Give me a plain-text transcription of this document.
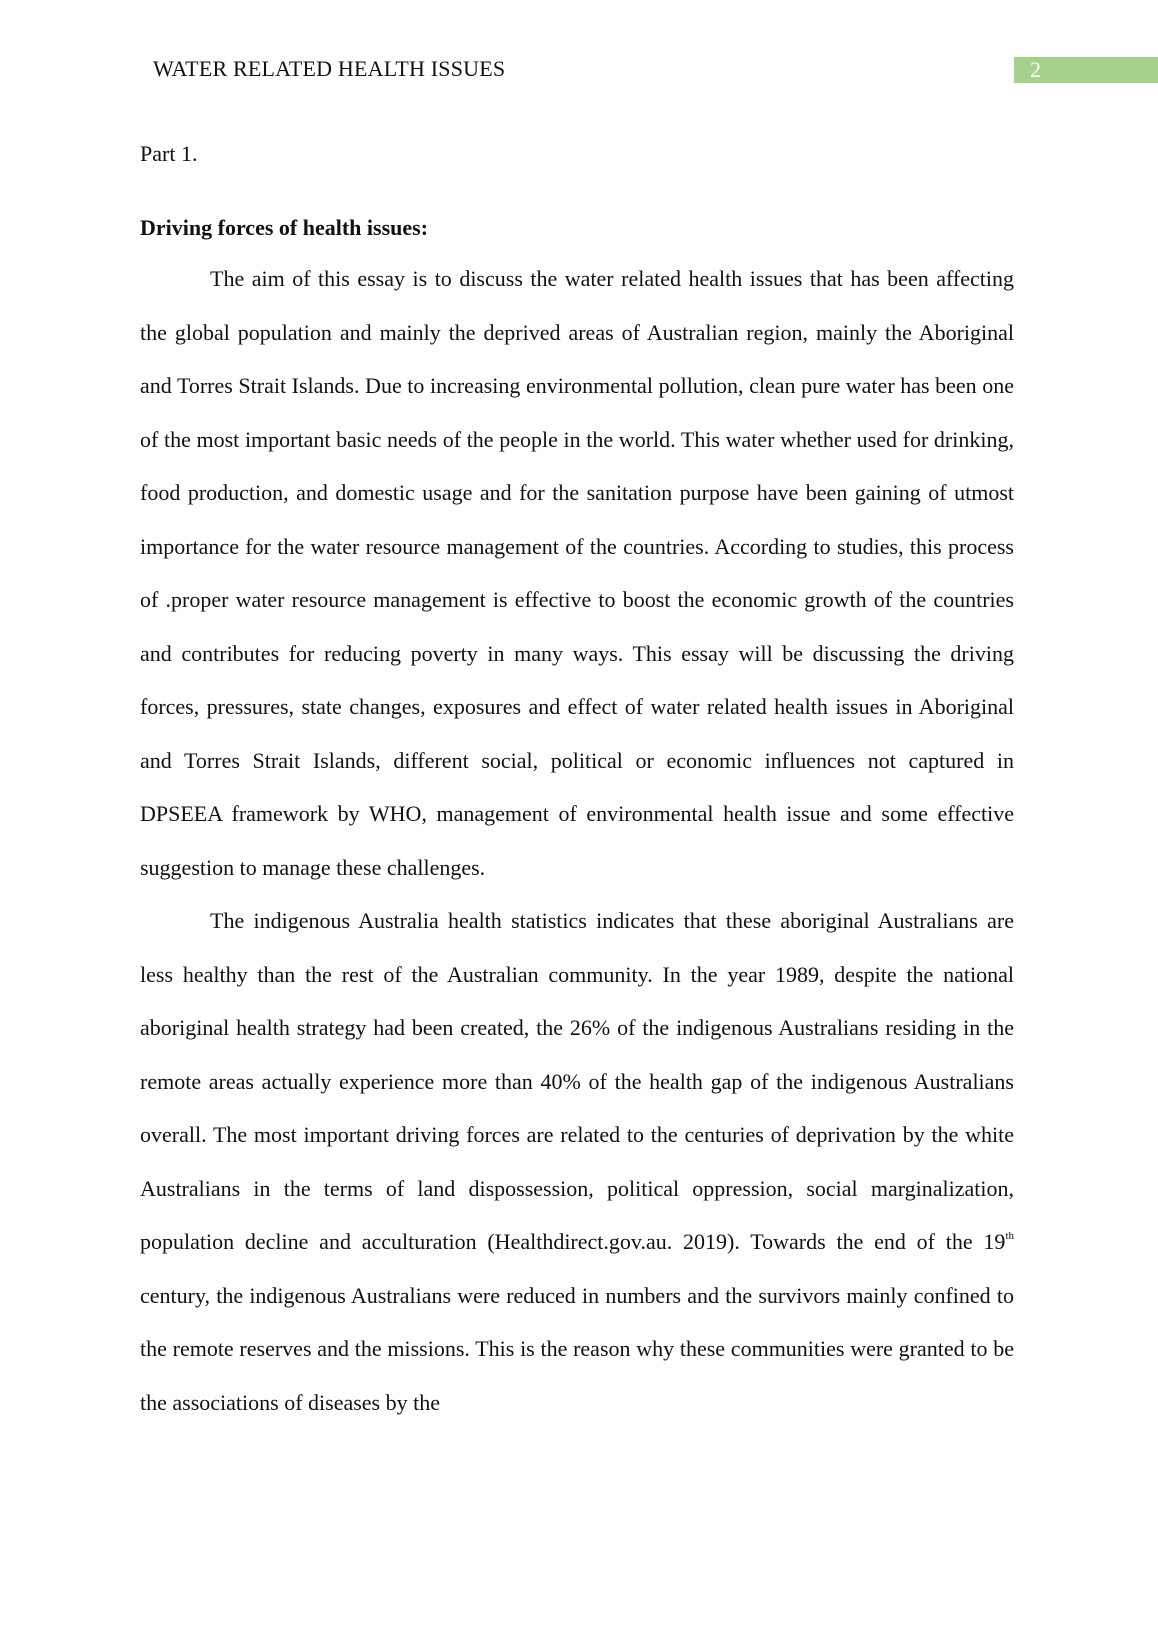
WATER RELATED HEALTH ISSUES	2

Part 1.

Driving forces of health issues:

The aim of this essay is to discuss the water related health issues that has been affecting the global population and mainly the deprived areas of Australian region, mainly the Aboriginal and Torres Strait Islands. Due to increasing environmental pollution, clean pure water has been one of the most important basic needs of the people in the world. This water whether used for drinking, food production, and domestic usage and for the sanitation purpose have been gaining of utmost importance for the water resource management of the countries. According to studies, this process of .proper water resource management is effective to boost the economic growth of the countries and contributes for reducing poverty in many ways. This essay will be discussing the driving forces, pressures, state changes, exposures and effect of water related health issues in Aboriginal and Torres Strait Islands, different social, political or economic influences not captured in DPSEEA framework by WHO, management of environmental health issue and some effective suggestion to manage these challenges.

The indigenous Australia health statistics indicates that these aboriginal Australians are less healthy than the rest of the Australian community. In the year 1989, despite the national aboriginal health strategy had been created, the 26% of the indigenous Australians residing in the remote areas actually experience more than 40% of the health gap of the indigenous Australians overall. The most important driving forces are related to the centuries of deprivation by the white Australians in the terms of land dispossession, political oppression, social marginalization, population decline and acculturation (Healthdirect.gov.au. 2019). Towards the end of the 19th century, the indigenous Australians were reduced in numbers and the survivors mainly confined to the remote reserves and the missions. This is the reason why these communities were granted to be the associations of diseases by the
